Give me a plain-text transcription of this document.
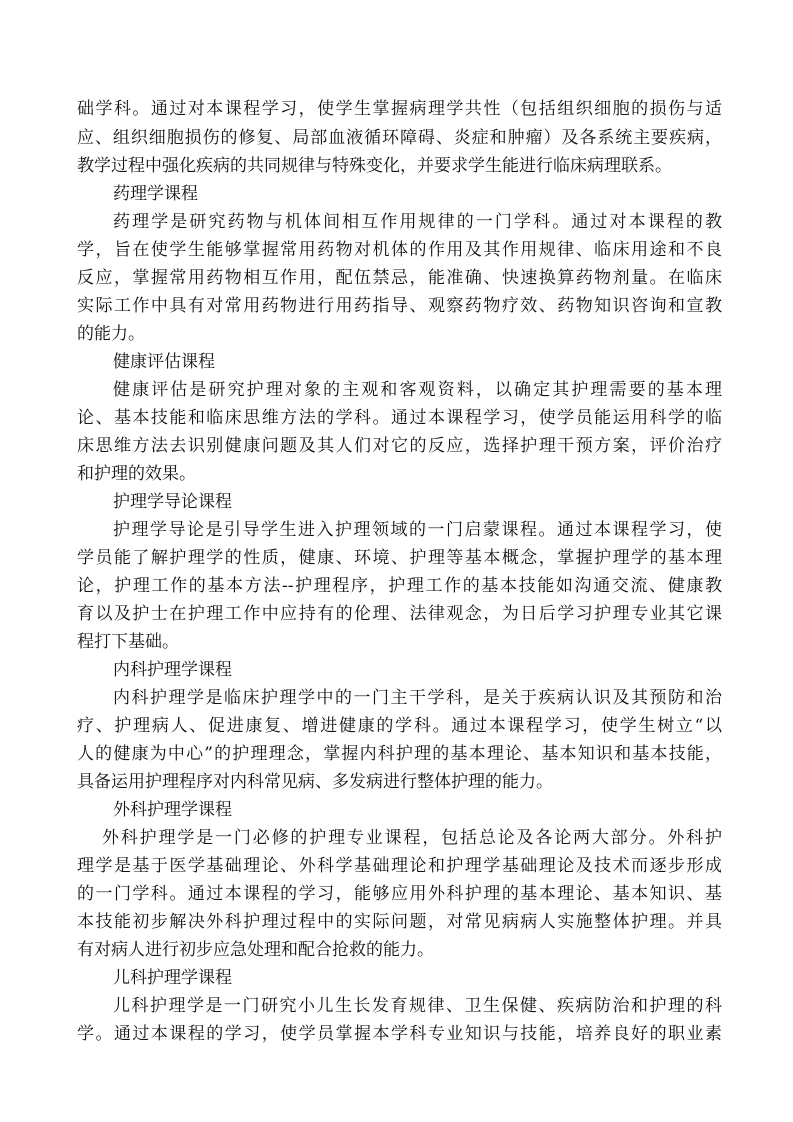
础学科。通过对本课程学习，使学生掌握病理学共性（包括组织细胞的损伤与适
应、组织细胞损伤的修复、局部血液循环障碍、炎症和肿瘤）及各系统主要疾病，
教学过程中强化疾病的共同规律与特殊变化，并要求学生能进行临床病理联系。
药理学课程
药理学是研究药物与机体间相互作用规律的一门学科。通过对本课程的教
学，旨在使学生能够掌握常用药物对机体的作用及其作用规律、临床用途和不良
反应，掌握常用药物相互作用，配伍禁忌，能准确、快速换算药物剂量。在临床
实际工作中具有对常用药物进行用药指导、观察药物疗效、药物知识咨询和宣教
的能力。
健康评估课程
健康评估是研究护理对象的主观和客观资料，以确定其护理需要的基本理
论、基本技能和临床思维方法的学科。通过本课程学习，使学员能运用科学的临
床思维方法去识别健康问题及其人们对它的反应，选择护理干预方案，评价治疗
和护理的效果。
护理学导论课程
护理学导论是引导学生进入护理领域的一门启蒙课程。通过本课程学习，使
学员能了解护理学的性质，健康、环境、护理等基本概念，掌握护理学的基本理
论，护理工作的基本方法--护理程序，护理工作的基本技能如沟通交流、健康教
育以及护士在护理工作中应持有的伦理、法律观念，为日后学习护理专业其它课
程打下基础。
内科护理学课程
内科护理学是临床护理学中的一门主干学科，是关于疾病认识及其预防和治
疗、护理病人、促进康复、增进健康的学科。通过本课程学习，使学生树立“以
人的健康为中心”的护理理念，掌握内科护理的基本理论、基本知识和基本技能，
具备运用护理程序对内科常见病、多发病进行整体护理的能力。
外科护理学课程
外科护理学是一门必修的护理专业课程，包括总论及各论两大部分。外科护
理学是基于医学基础理论、外科学基础理论和护理学基础理论及技术而逐步形成
的一门学科。通过本课程的学习，能够应用外科护理的基本理论、基本知识、基
本技能初步解决外科护理过程中的实际问题，对常见病病人实施整体护理。并具
有对病人进行初步应急处理和配合抢救的能力。
儿科护理学课程
儿科护理学是一门研究小儿生长发育规律、卫生保健、疾病防治和护理的科
学。通过本课程的学习，使学员掌握本学科专业知识与技能，培养良好的职业素
